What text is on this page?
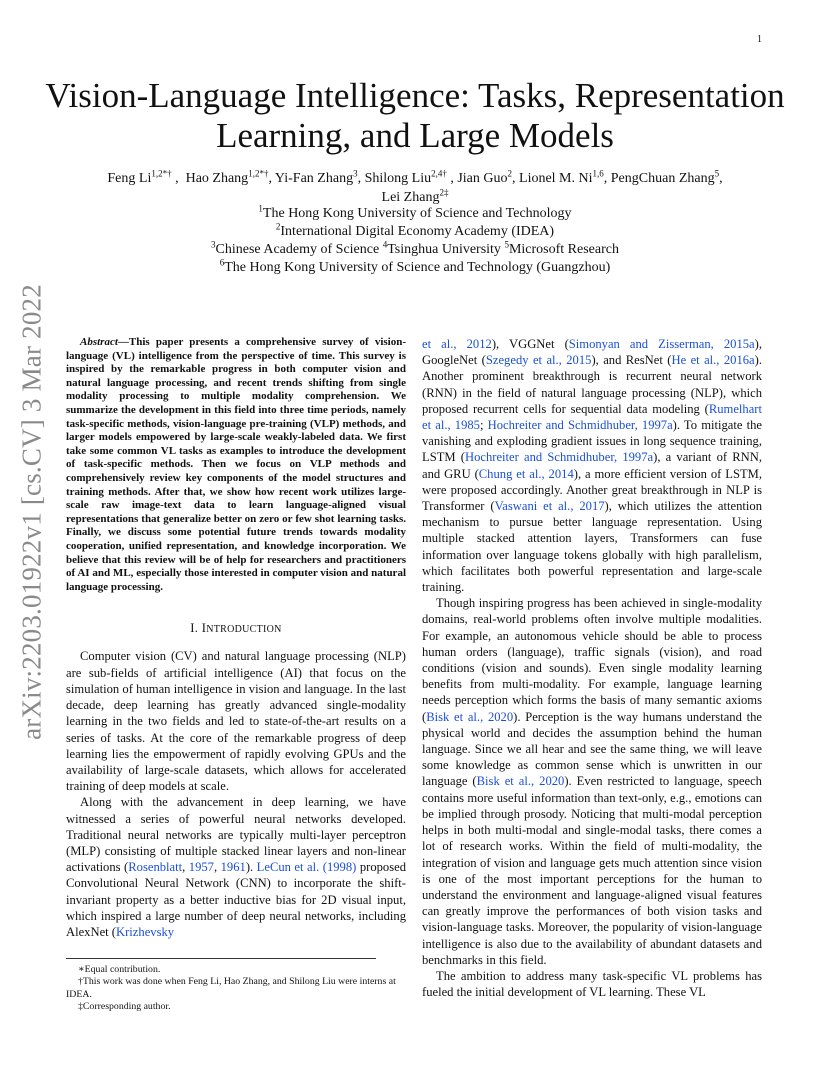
1
arXiv:2203.01922v1 [cs.CV] 3 Mar 2022
Vision-Language Intelligence: Tasks, Representation Learning, and Large Models
Feng $Li^{1,2*\dagger}$ ,  Hao Zhang$^{1,2*\dagger}$, Yi-Fan Zhang$^3$, Shilong Liu$^{2,4\dagger}$ , Jian Guo$^2$, Lionel M. Ni$^{1,6}$, PengChuan Zhang$^5$,
Lei Zhang$^{2\ddagger}$
$^1$The Hong Kong University of Science and Technology
$^2$International Digital Economy Academy (IDEA)
$^3$Chinese Academy of Science $^4$Tsinghua University $^5$Microsoft Research
$^6$The Hong Kong University of Science and Technology (Guangzhou)

Abstract—This paper presents a comprehensive survey of vision-language (VL) intelligence from the perspective of time. This survey is inspired by the remarkable progress in both computer vision and natural language processing, and recent trends shifting from single modality processing to multiple modality comprehension. We summarize the development in this field into three time periods, namely task-specific methods, vision-language pre-training (VLP) methods, and larger models empowered by large-scale weakly-labeled data. We first take some common VL tasks as examples to introduce the development of task-specific methods. Then we focus on VLP methods and comprehensively review key components of the model structures and training methods. After that, we show how recent work utilizes large-scale raw image-text data to learn language-aligned visual representations that generalize better on zero or few shot learning tasks. Finally, we discuss some potential future trends towards modality cooperation, unified representation, and knowledge incorporation. We believe that this review will be of help for researchers and practitioners of AI and ML, especially those interested in computer vision and natural language processing.

I. INTRODUCTION

Computer vision (CV) and natural language processing (NLP) are sub-fields of artificial intelligence (AI) that focus on the simulation of human intelligence in vision and language. In the last decade, deep learning has greatly advanced single-modality learning in the two fields and led to state-of-the-art results on a series of tasks. At the core of the remarkable progress of deep learning lies the empowerment of rapidly evolving GPUs and the availability of large-scale datasets, which allows for accelerated training of deep models at scale.

Along with the advancement in deep learning, we have witnessed a series of powerful neural networks developed. Traditional neural networks are typically multi-layer perceptron (MLP) consisting of multiple stacked linear layers and non-linear activations (Rosenblatt, 1957, 1961). LeCun et al. (1998) proposed Convolutional Neural Network (CNN) to incorporate the shift-invariant property as a better inductive bias for 2D visual input, which inspired a large number of deep neural networks, including AlexNet (Krizhevsky

∗Equal contribution.

†This work was done when Feng Li, Hao Zhang, and Shilong Liu were interns at IDEA.

‡Corresponding author.

et al., 2012), VGGNet (Simonyan and Zisserman, 2015a), GoogleNet (Szegedy et al., 2015), and ResNet (He et al., 2016a). Another prominent breakthrough is recurrent neural network (RNN) in the field of natural language processing (NLP), which proposed recurrent cells for sequential data modeling (Rumelhart et al., 1985; Hochreiter and Schmidhuber, 1997a). To mitigate the vanishing and exploding gradient issues in long sequence training, LSTM (Hochreiter and Schmidhuber, 1997a), a variant of RNN, and GRU (Chung et al., 2014), a more efficient version of LSTM, were proposed accordingly. Another great breakthrough in NLP is Transformer (Vaswani et al., 2017), which utilizes the attention mechanism to pursue better language representation. Using multiple stacked attention layers, Transformers can fuse information over language tokens globally with high parallelism, which facilitates both powerful representation and large-scale training.

Though inspiring progress has been achieved in single-modality domains, real-world problems often involve multiple modalities. For example, an autonomous vehicle should be able to process human orders (language), traffic signals (vision), and road conditions (vision and sounds). Even single modality learning benefits from multi-modality. For example, language learning needs perception which forms the basis of many semantic axioms (Bisk et al., 2020). Perception is the way humans understand the physical world and decides the assumption behind the human language. Since we all hear and see the same thing, we will leave some knowledge as common sense which is unwritten in our language (Bisk et al., 2020). Even restricted to language, speech contains more useful information than text-only, e.g., emotions can be implied through prosody. Noticing that multi-modal perception helps in both multi-modal and single-modal tasks, there comes a lot of research works. Within the field of multi-modality, the integration of vision and language gets much attention since vision is one of the most important perceptions for the human to understand the environment and language-aligned visual features can greatly improve the performances of both vision tasks and vision-language tasks. Moreover, the popularity of vision-language intelligence is also due to the availability of abundant datasets and benchmarks in this field.

The ambition to address many task-specific VL problems has fueled the initial development of VL learning. These VL
